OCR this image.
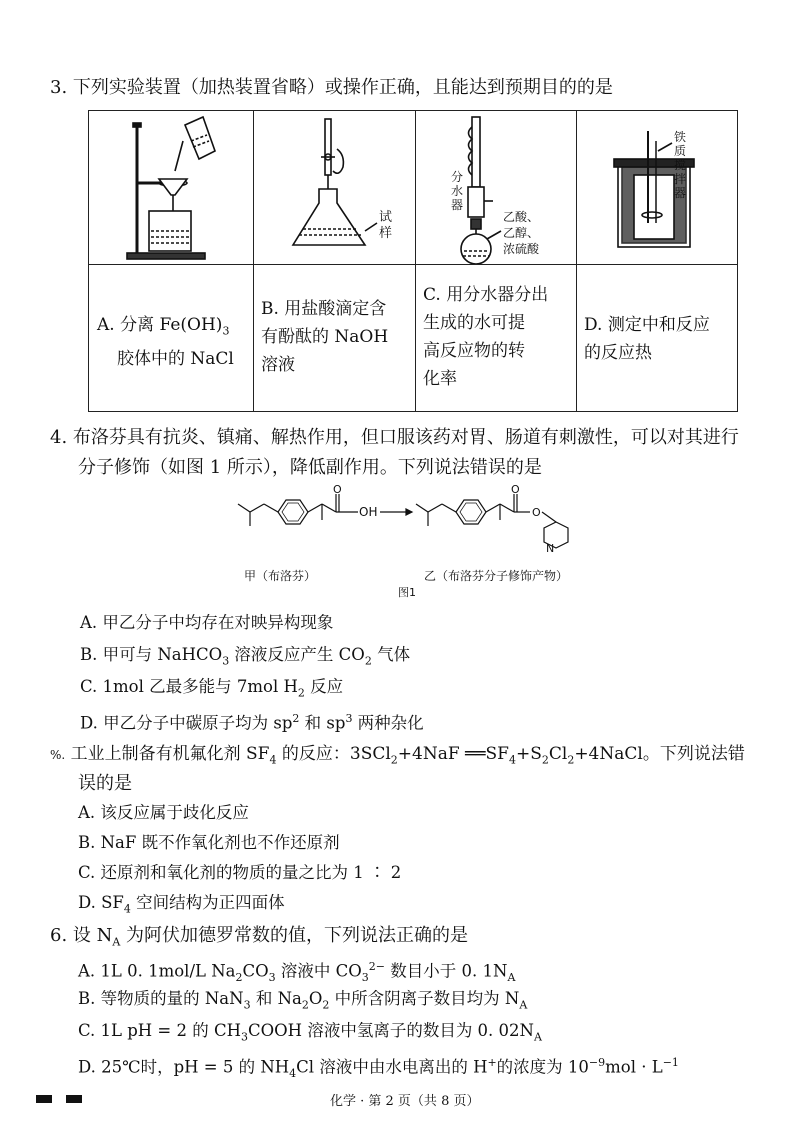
3. 下列实验装置（加热装置省略）或操作正确，且能达到预期目的的是
试
样
分
水
器
乙酸、
乙醇、
浓硫酸
铁
质
搅
拌
器
A. 分离 $Fe(OH)_3$
胶体中的 NaCl
B. 用盐酸滴定含
有酚酞的 NaOH
溶液
C. 用分水器分出
生成的水可提
高反应物的转
化率
D. 测定中和反应
的反应热
4. 布洛芬具有抗炎、镇痛、解热作用，但口服该药对胃、肠道有刺激性，可以对其进行
分子修饰（如图 1 所示），降低副作用。下列说法错误的是
OH
O	O
O
N
甲（布洛芬）	乙（布洛芬分子修饰产物）
图1
A. 甲乙分子中均存在对映异构现象
B. 甲可与 NaHCO$_3$ 溶液反应产生 $CO_2$ 气体
C. 1mol 乙最多能与 7mol $H_2$ 反应
D. 甲乙分子中碳原子均为 $sp^2$ 和 $sp^3$ 两种杂化
%. 工业上制备有机氟化剂 $SF_4$ 的反应：3SCl$_2$+4NaF $══SF_4+S_2Cl_2+4NaCl$。下列说法错
误的是
A. 该反应属于歧化反应
B. NaF 既不作氧化剂也不作还原剂
C. 还原剂和氧化剂的物质的量之比为 1 ∶ 2
D. $SF_4$ 空间结构为正四面体
6. 设 $N_A$ 为阿伏加德罗常数的值，下列说法正确的是
A. 1L 0. 1mol/L $Na_2CO_3$ 溶液中 $CO_3^{2-}$ 数目小于 0. $1N_A$
B. 等物质的量的 NaN$_3$ 和 $Na_2O_2$ 中所含阴离子数目均为 $N_A$
C. 1L pH = 2 的 $CH_3COOH$ 溶液中氢离子的数目为 0. $02N_A$
D. 25℃时，pH = 5 的 $NH_4Cl$ 溶液中由水电离出的 H+的浓度为 $10^{-9}mol \cdot L^{-1}$
化学 · 第 2 页（共 8 页）
